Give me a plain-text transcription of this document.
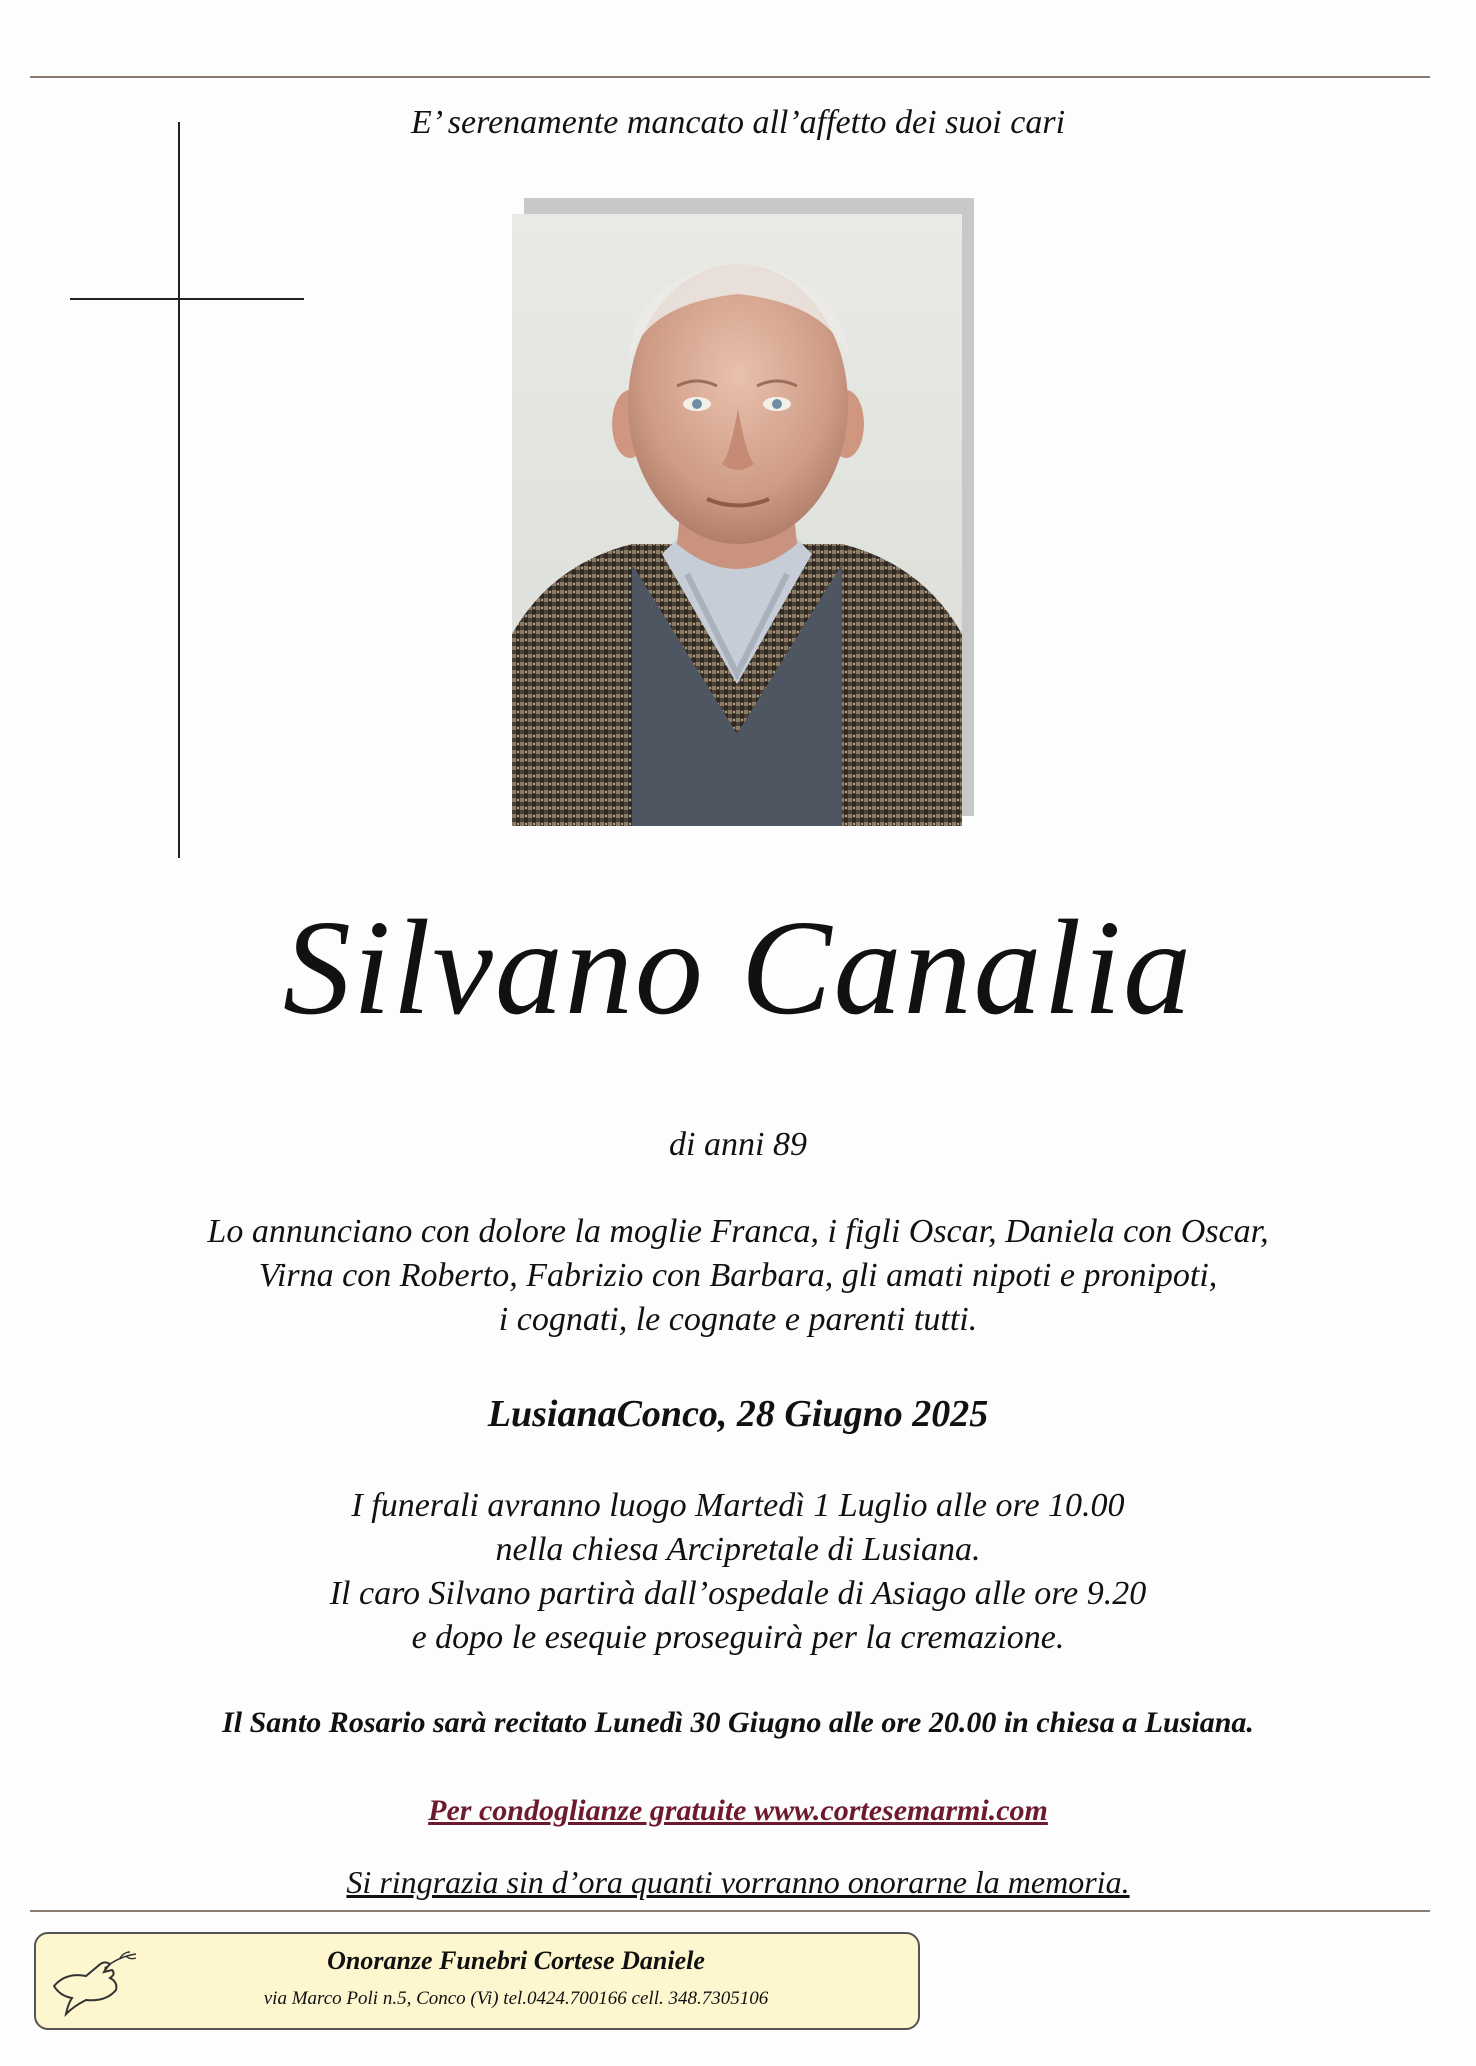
E’ serenamente mancato all’affetto dei suoi cari
Silvano Canalia
di anni 89
Lo annunciano con dolore la moglie Franca, i figli Oscar, Daniela con Oscar,
Virna con Roberto, Fabrizio con Barbara, gli amati nipoti e pronipoti,
i cognati, le cognate e parenti tutti.
LusianaConco, 28 Giugno 2025
I funerali avranno luogo Martedì 1 Luglio alle ore 10.00
nella chiesa Arcipretale di Lusiana.
Il caro Silvano partirà dall’ospedale di Asiago alle ore 9.20
e dopo le esequie proseguirà per la cremazione.
Il Santo Rosario sarà recitato Lunedì 30 Giugno alle ore 20.00 in chiesa a Lusiana.
Per condoglianze gratuite www.cortesemarmi.com
Si ringrazia sin d’ora quanti vorranno onorarne la memoria.
Onoranze Funebri Cortese Daniele
via Marco Poli n.5, Conco (Vi) tel.0424.700166 cell. 348.7305106
